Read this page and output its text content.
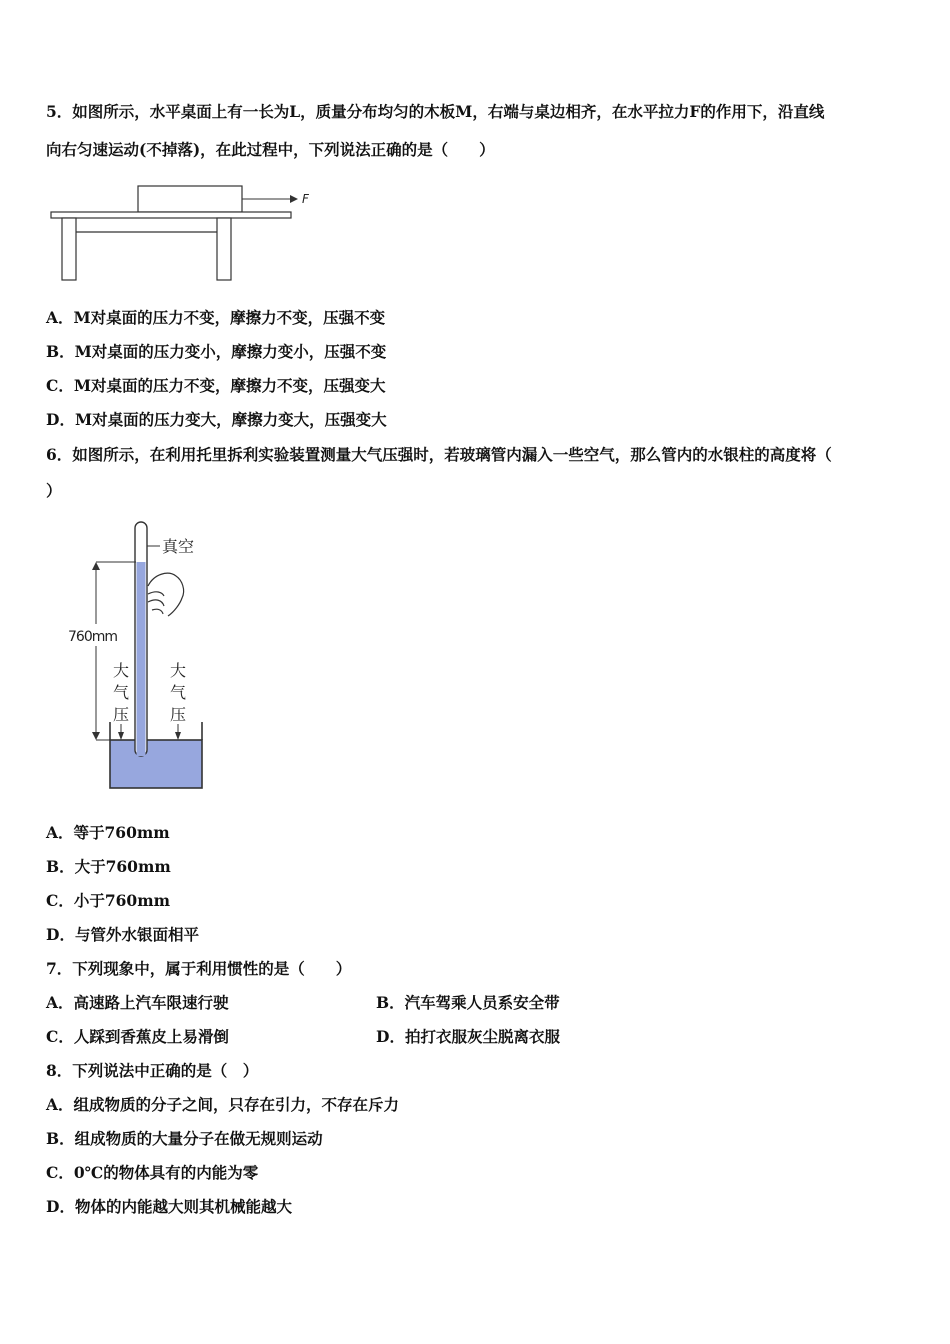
5．如图所示，水平桌面上有一长为L，质量分布均匀的木板M，右端与桌边相齐，在水平拉力F的作用下，沿直线
向右匀速运动(不掉落)，在此过程中，下列说法正确的是（　　）
F
A．M对桌面的压力不变，摩擦力不变，压强不变
B．M对桌面的压力变小，摩擦力变小，压强不变
C．M对桌面的压力不变，摩擦力不变，压强变大
D．M对桌面的压力变大，摩擦力变大，压强变大
6．如图所示，在利用托里拆利实验装置测量大气压强时，若玻璃管内漏入一些空气，那么管内的水银柱的高度将（
）
真空
760mm
大
气
压
大
气
压
A．等于760mm
B．大于760mm
C．小于760mm
D．与管外水银面相平
7．下列现象中，属于利用惯性的是（　　）
A．高速路上汽车限速行驶	B．汽车驾乘人员系安全带
C．人踩到香蕉皮上易滑倒	D．拍打衣服灰尘脱离衣服
8．下列说法中正确的是（　）
A．组成物质的分子之间，只存在引力，不存在斥力
B．组成物质的大量分子在做无规则运动
C．0℃的物体具有的内能为零
D．物体的内能越大则其机械能越大
